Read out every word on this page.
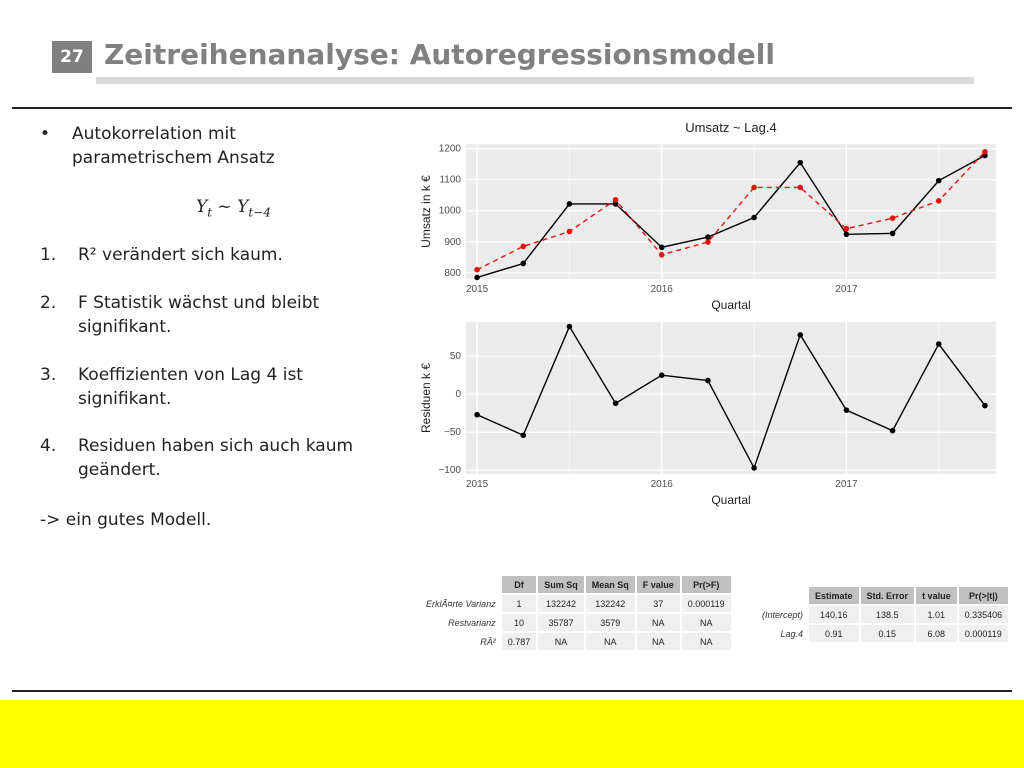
27 Zeitreihenanalyse: Autoregressionsmodell
• Autokorrelation mit
parametrischem Ansatz
$Y_t$ ~ $Y_{t-4}$
1. R² verändert sich kaum.
2. F Statistik wächst und bleibt
signifikant.
3. Koeffizienten von Lag 4 ist
signifikant.
4. Residuen haben sich auch kaum
geändert.
-> ein gutes Modell.
Umsatz ~ Lag.4
800
900
1000
1100
1200
2015	2016	2017
Quartal
Umsatz in k €
50
0
−50
−100
2015	2016	2017
Quartal
Residuen k €
	Df	Sum Sq	Mean Sq	F value	Pr(>F)
ErklÃ¤rte Varianz	1	132242	132242	37	0.000119
Restvarianz	10	35787	3579	NA	NA
RÂ²	0.787	NA	NA	NA	NA
	Estimate	Std. Error	t value	Pr(>|t|)
(Intercept)	140.16	138.5	1.01	0.335406
Lag.4	0.91	0.15	6.08	0.000119
